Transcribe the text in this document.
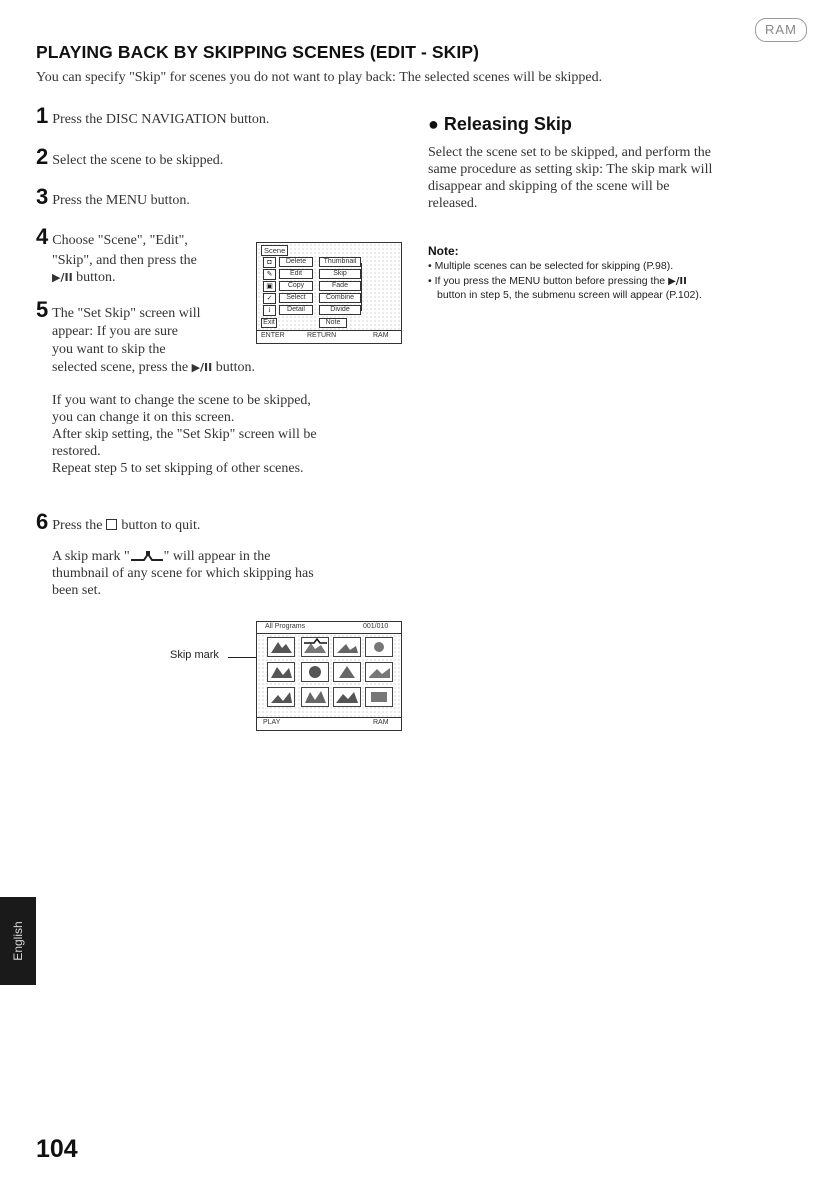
RAM
PLAYING BACK BY SKIPPING SCENES (EDIT - SKIP)
You can specify "Skip" for scenes you do not want to play back: The selected scenes will be skipped.
1 Press the DISC NAVIGATION button.
2 Select the scene to be skipped.
3 Press the MENU button.
4 Choose "Scene", "Edit",
"Skip", and then press the
▶/II button.
5 The "Set Skip" screen will
appear: If you are sure
you want to skip the
selected scene, press the ▶/II button.
If you want to change the scene to be skipped,
you can change it on this screen.
After skip setting, the "Set Skip" screen will be
restored.
Repeat step 5 to set skipping of other scenes.
6 Press the button to quit.
A skip mark " " will appear in the
thumbnail of any scene for which skipping has
been set.
Scene
◘
✎
▣
✓
i
Delete
Edit
Copy
Select
Detail
Thumbnail
Skip
Fade
Combine
Divide
Exit	Note
ENTER	RETURN	RAM
Skip mark
All Programs	001/010
PLAY	RAM
● Releasing Skip
Select the scene set to be skipped, and perform the
same procedure as setting skip: The skip mark will
disappear and skipping of the scene will be
released.
Note:
• Multiple scenes can be selected for skipping (P.98).
• If you press the MENU button before pressing the ▶/II
button in step 5, the submenu screen will appear (P.102).
English
104
